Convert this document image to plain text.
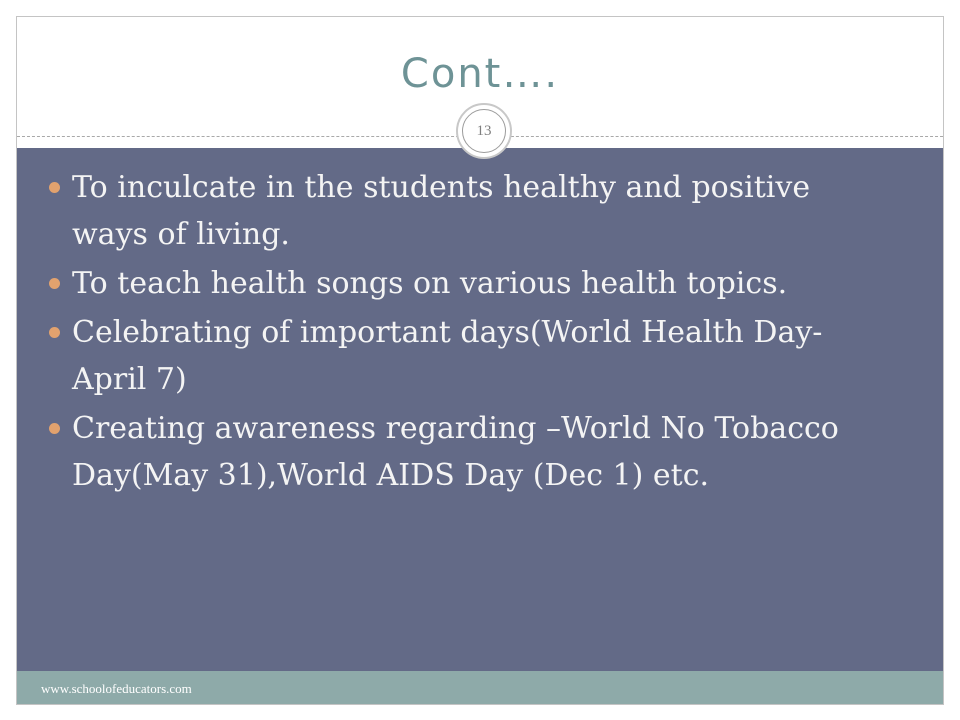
Cont….
To inculcate in the students healthy and positive
ways of living.
To teach health songs on various health topics.
Celebrating of important days(World Health Day-
April 7)
Creating awareness regarding –World No Tobacco
Day(May 31),World AIDS Day (Dec 1) etc.
www.schoolofeducators.com
13
